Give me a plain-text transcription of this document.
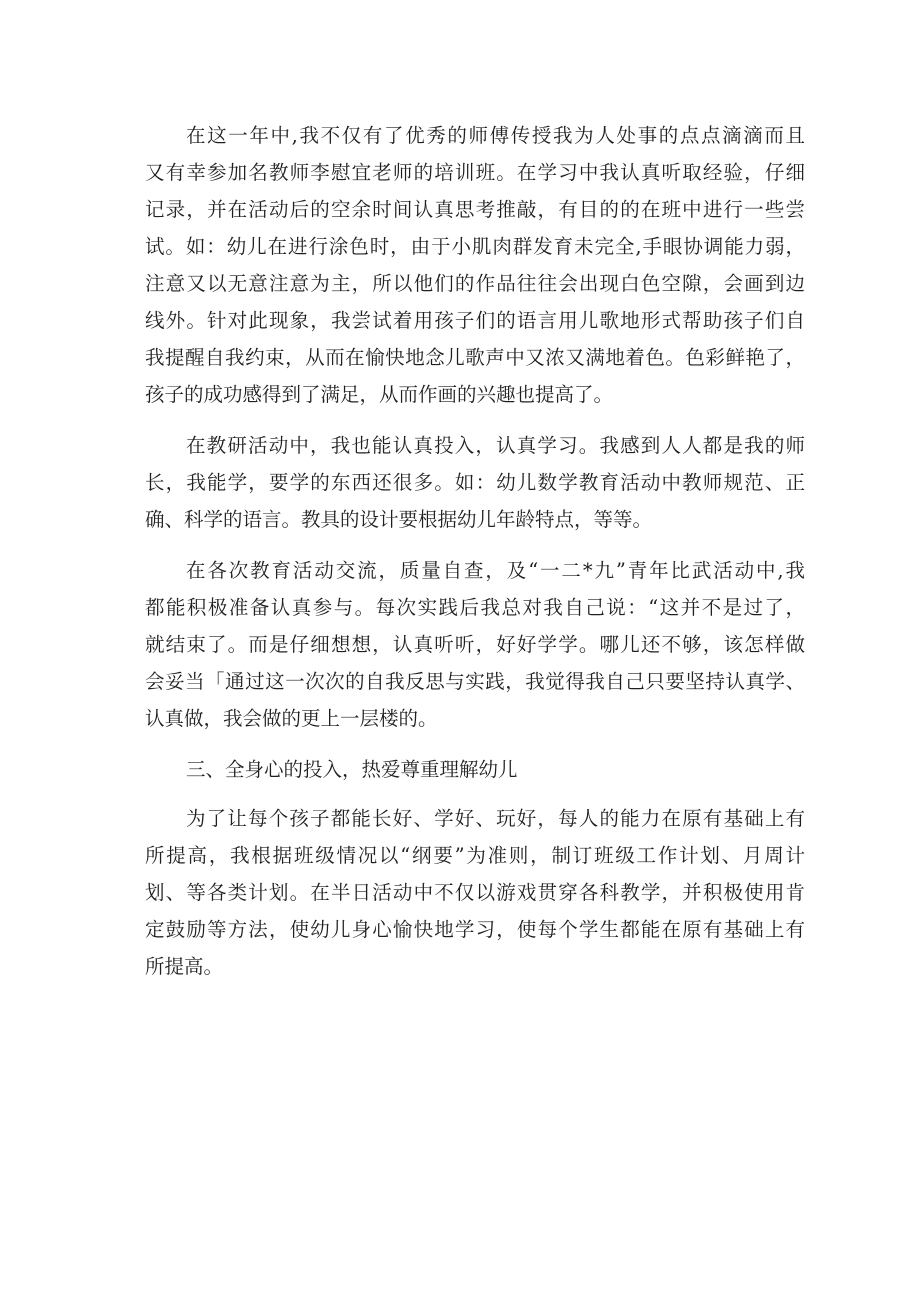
在这一年中,我不仅有了优秀的师傅传授我为人处事的点点滴滴而且
又有幸参加名教师李慰宜老师的培训班。在学习中我认真听取经验，仔细
记录，并在活动后的空余时间认真思考推敲，有目的的在班中进行一些尝
试。如：幼儿在进行涂色时，由于小肌肉群发育未完全,手眼协调能力弱，
注意又以无意注意为主，所以他们的作品往往会出现白色空隙，会画到边
线外。针对此现象，我尝试着用孩子们的语言用儿歌地形式帮助孩子们自
我提醒自我约束，从而在愉快地念儿歌声中又浓又满地着色。色彩鲜艳了，
孩子的成功感得到了满足，从而作画的兴趣也提高了。
在教研活动中，我也能认真投入，认真学习。我感到人人都是我的师
长，我能学，要学的东西还很多。如：幼儿数学教育活动中教师规范、正
确、科学的语言。教具的设计要根据幼儿年龄特点，等等。
在各次教育活动交流，质量自查，及“一二*九”青年比武活动中,我
都能积极准备认真参与。每次实践后我总对我自己说：“这并不是过了，
就结束了。而是仔细想想，认真听听，好好学学。哪儿还不够，该怎样做
会妥当「通过这一次次的自我反思与实践，我觉得我自己只要坚持认真学、
认真做，我会做的更上一层楼的。
三、全身心的投入，热爱尊重理解幼儿
为了让每个孩子都能长好、学好、玩好，每人的能力在原有基础上有
所提高，我根据班级情况以“纲要”为准则，制订班级工作计划、月周计
划、等各类计划。在半日活动中不仅以游戏贯穿各科教学，并积极使用肯
定鼓励等方法，使幼儿身心愉快地学习，使每个学生都能在原有基础上有
所提高。
